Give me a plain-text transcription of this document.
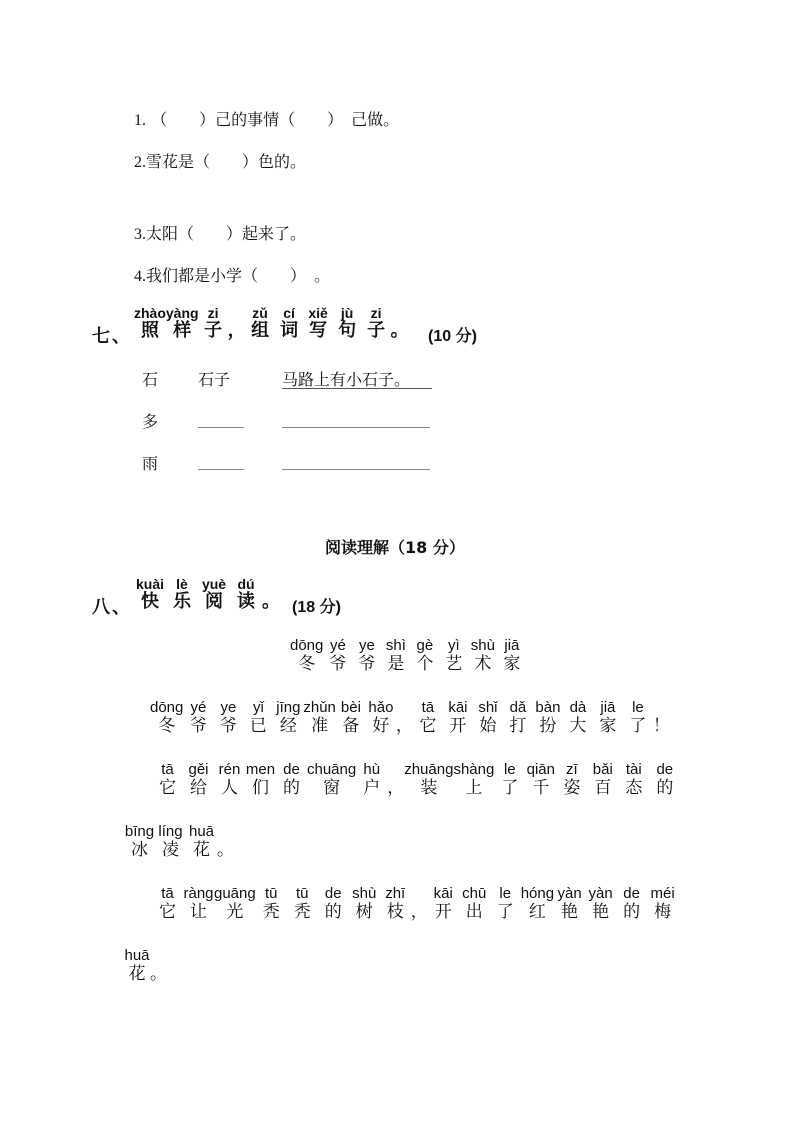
1. （　　）己的事情（　　）　己做。
2.雪花是（　　）色的。
3.太阳（　　）起来了。
4.我们都是小学（　　）　。
七、
zhào
照
yàng
样
zi
子
，
zǔ
组
cí
词
xiě
写
jù
句
zi
子
。 (10 分)
石 石子	马路上有小石子。
多
雨
阅读理解（18 分）
八、
kuài
快
lè
乐
yuè
阅
dú
读
。 (18 分)
dōng
冬
yé
爷
ye
爷
shì
是
gè
个
yì
艺
shù
术
jiā
家
dōng
冬
yé
爷
ye
爷
yǐ
已
jīng
经
zhǔn
准
bèi
备
hǎo
好
，
tā
它
kāi
开
shǐ
始
dǎ
打
bàn
扮
dà
大
jiā
家
le
了
！
tā
它
gěi
给
rén
人
men
们
de
的
chuāng
窗
hù
户
，
zhuāng
装
shàng
上
le
了
qiān
千
zī
姿
bǎi
百
tài
态
de
的
bīng
冰
líng
凌
huā
花
。
tā
它
ràng
让
guāng
光
tū
秃
tū
秃
de
的
shù
树
zhī
枝
，
kāi
开
chū
出
le
了
hóng
红
yàn
艳
yàn
艳
de
的
méi
梅
huā
花
。
